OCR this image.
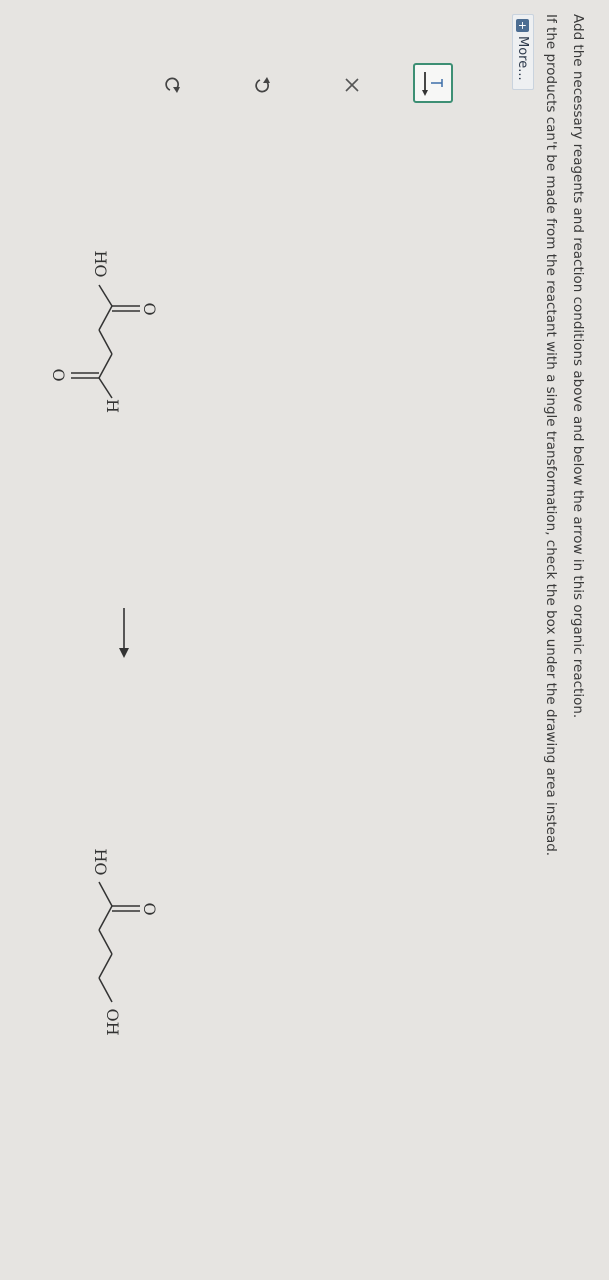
Add the necessary reagents and reaction conditions above and below the arrow in this organic reaction.
If the products can't be made from the reactant with a single transformation, check the box under the drawing area instead.
+
More...
HO
O
O
H
HO
O
OH
